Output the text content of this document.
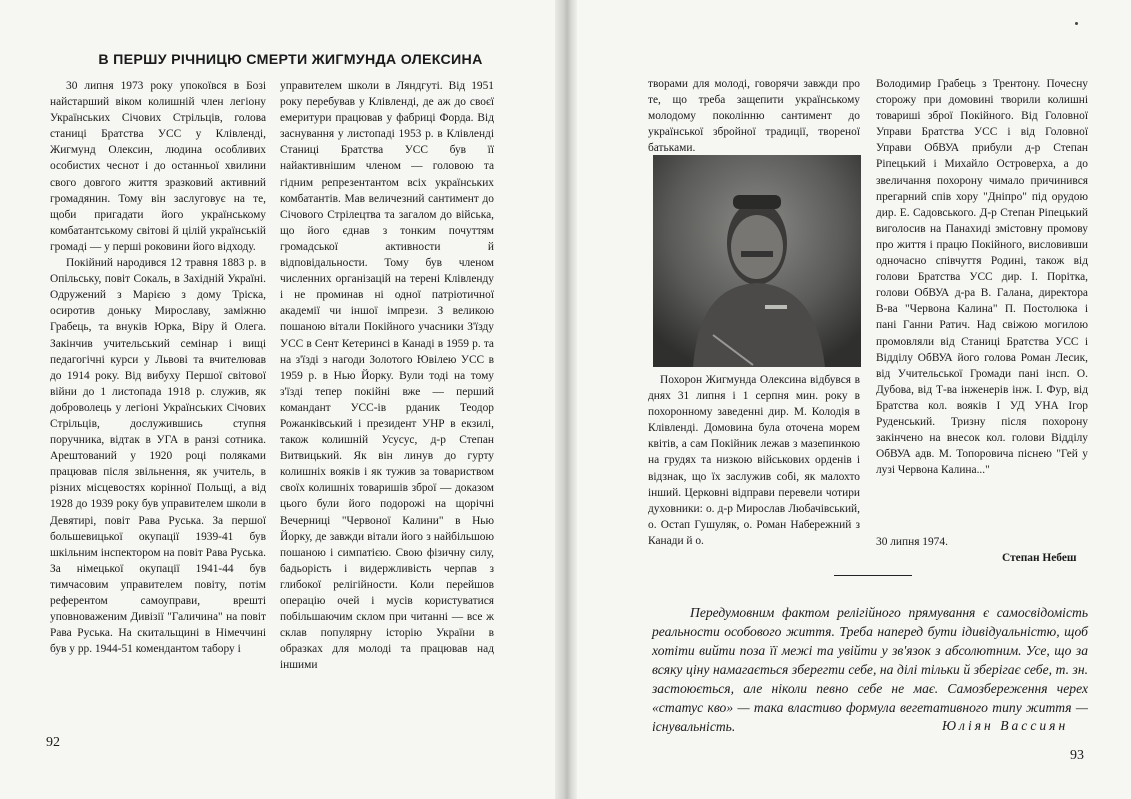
В ПЕРШУ РІЧНИЦЮ СМЕРТИ ЖИГМУНДА ОЛЕКСИНА

30 липня 1973 року упокоївся в Бозі найстарший віком колишній член легіону Українських Січових Стрільців, голова станиці Братства УСС у Клівленді, Жигмунд Олексин, людина особливих особистих чеснот і до останньої хвилини свого довгого життя зразковий активний громадянин. Тому він заслуговує на те, щоби пригадати його українському комбатантському світові й цілій українській громаді — у перші роковини його відходу.

Покійний народився 12 травня 1883 р. в Опільську, повіт Сокаль, в Західній Україні. Одружений з Марією з дому Тріска, осиротив доньку Мирославу, заміжню Грабець, та внуків Юрка, Віру й Олега. Закінчив учительський семінар і вищі педагогічні курси у Львові та вчителював до 1914 року. Від вибуху Першої світової війни до 1 листопада 1918 р. служив, як доброволець у легіоні Українських Січових Стрільців, дослужившись ступня поручника, відтак в УГА в ранзі сотника. Арештований у 1920 році поляками працював після звільнення, як учитель, в різних місцевостях корінної Польщі, а від 1928 до 1939 року був управителем школи в Девятирі, повіт Рава Руська. За першої большевицької окупації 1939-41 був шкільним інспектором на повіт Рава Руська. За німецької окупації 1941-44 був тимчасовим управителем повіту, потім референтом самоуправи, врешті уповноваженим Дивізії "Галичина" на повіт Рава Руська. На скитальщині в Німеччині був у рр. 1944-51 комендантом табору і

управителем школи в Ляндгуті. Від 1951 року перебував у Клівленді, де аж до своєї емеритури працював у фабриці Форда. Від заснування у листопаді 1953 р. в Клівленді Станиці Братства УСС був її найактивнішим членом — головою та гідним репрезентантом всіх українських комбатантів. Мав величезний сантимент до Січового Стрілецтва та загалом до війська, що його єднав з тонким почуттям громадської активности й відповідальности. Тому був членом численних організацій на терені Клівленду і не проминав ні одної патріотичної академії чи іншої імпрези. З великою пошаною вітали Покійного учасники З'їзду УСС в Сент Кетеринсі в Канаді в 1959 р. та на з'їзді з нагоди Золотого Ювілею УСС в 1959 р. в Нью Йорку. Вули тоді на тому з'їзді тепер покійні вже — перший командант УСС-ів рданик Теодор Рожанківський і президент УНР в екзилі, також колишній Усусус, д-р Степан Витвицький. Як він линув до гурту колишніх вояків і як тужив за товариством своїх колишніх товаришів зброї — доказом цього були його подорожі на щорічні Вечерниці "Червоної Калини" в Нью Йорку, де завжди вітали його з найбільшою пошаною і симпатією. Свою фізичну силу, бадьорість і видержливість черпав з глибокої релігійности. Коли перейшов операцію очей і мусів користуватися побільшаючим склом при читанні — все ж склав популярну історію України в образках для молоді та працював над іншими

92

творами для молоді, говорячи завжди про те, що треба защепити українському молодому поколінню сантимент до української збройної традиції, твореної батьками.

Похорон Жигмунда Олексина відбувся в днях 31 липня і 1 серпня мин. року в похоронному заведенні дир. М. Колодія в Клівленді. Домовина була оточена морем квітів, а сам Покійник лежав з мазепинкою на грудях та низкою військових орденів і відзнак, що їх заслужив собі, як малохто інший. Церковні відправи перевели чотири духовники: о. д-р Мирослав Любачівський, о. Остап Гушуляк, о. Роман Набережний з Канади й о.

Володимир Грабець з Трентону. Почесну сторожу при домовині творили колишні товариші зброї Покійного. Від Головної Управи Братства УСС і від Головної Управи ОбВУА прибули д-р Степан Ріпецький і Михайло Островерха, а до звеличання похорону чимало причинився прегарний спів хору "Дніпро" під орудою дир. Е. Садовського. Д-р Степан Ріпецький виголосив на Панахиді змістовну промову про життя і працю Покійного, висловивши одночасно співчуття Родині, також від голови Братства УСС дир. І. Порітка, голови ОбВУА д-ра В. Галана, директора В-ва "Червона Калина" П. Постолюка і пані Ганни Ратич. Над свіжою могилою промовляли від Станиці Братства УСС і Відділу ОбВУА його голова Роман Лесик, від Учительської Громади пані інсп. О. Дубова, від Т-ва інженерів інж. І. Фур, від Братства кол. вояків І УД УНА Ігор Руденський. Тризну після похорону закінчено на внесок кол. голови Відділу ОбВУА адв. М. Топоровича піснею "Гей у лузі Червона Калина..."

30 липня 1974.
Степан Небеш
Передумовним фактом релігійного прямування є самосвідомість реальности особового життя. Треба наперед бути ідивідуальністю, щоб хотіти вийти поза її межі та увійти у зв'язок з абсолютним. Усе, що за всяку ціну намагається зберегти себе, на ділі тільки й зберігає себе, т. зн. застоюється, але ніколи певно себе не має. Самозбереження черех «статус кво» — така властиво формула вегетативного типу життя — існувальність.	Юліян Вассиян
93
